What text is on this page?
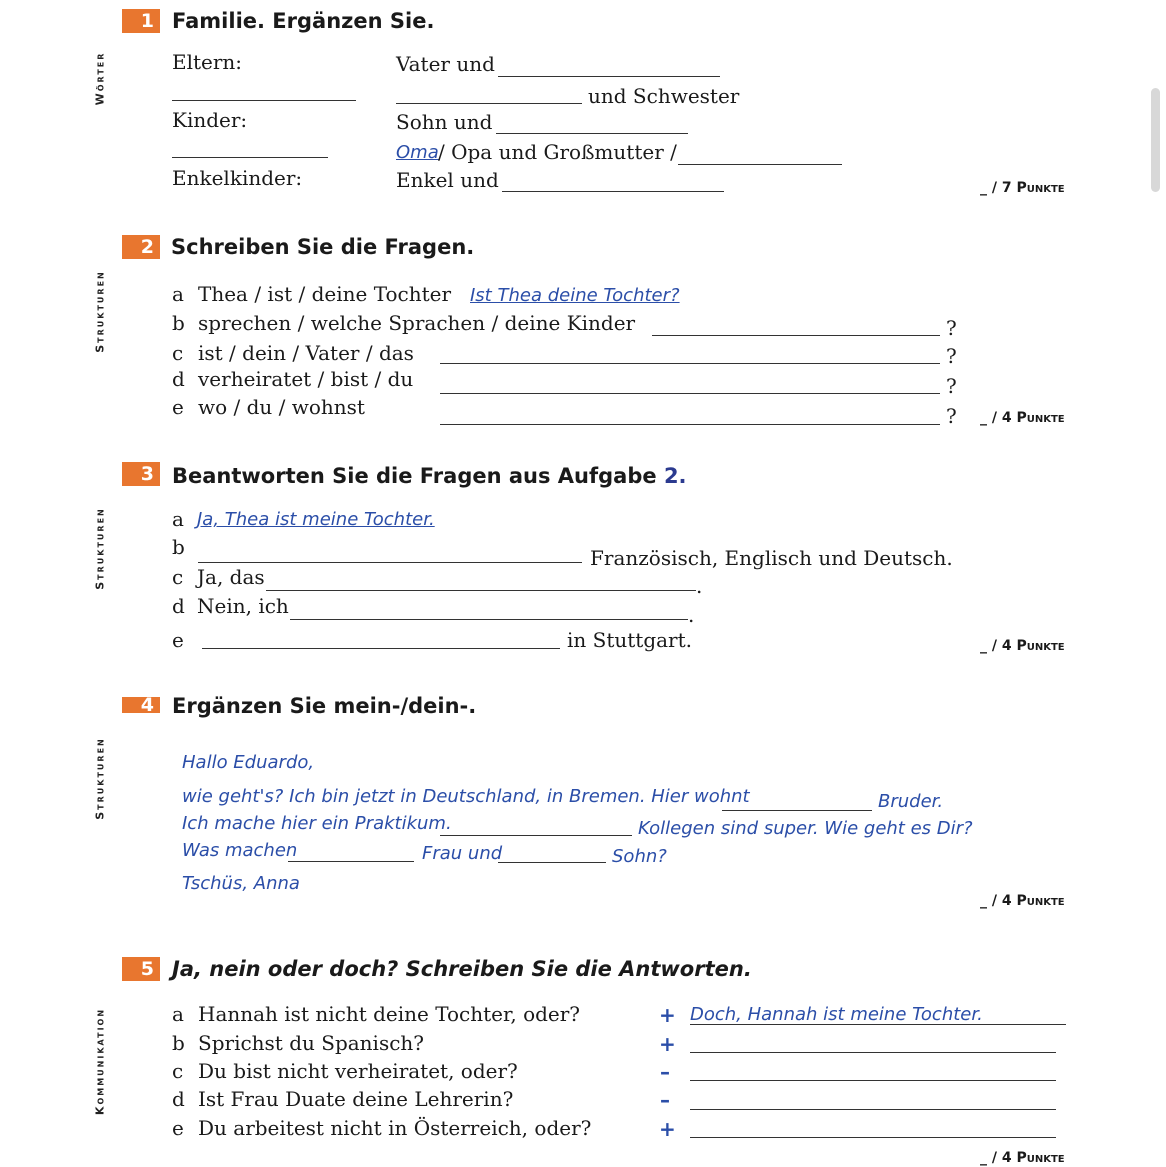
1 Familie. Ergänzen Sie.
Wörter	Eltern:	Vater und
und Schwester
Kinder:	Sohn und
Oma / Opa und Großmutter /
Enkelkinder:	Enkel und	_ / 7 Punkte
2 Schreiben Sie die Fragen.
Strukturen	a Thea / ist / deine Tochter Ist Thea deine Tochter?
b sprechen / welche Sprachen / deine Kinder	?
c ist / dein / Vater / das	?
d verheiratet / bist / du	?
e wo / du / wohnst	? _ / 4 Punkte
3 Beantworten Sie die Fragen aus Aufgabe 2.
Strukturen	a Ja, Thea ist meine Tochter.
b	Französisch, Englisch und Deutsch.
c Ja, das	.
d Nein, ich	.
e	in Stuttgart.	_ / 4 Punkte
4 Ergänzen Sie mein-/dein-.
Strukturen	Hallo Eduardo,
wie geht's? Ich bin jetzt in Deutschland, in Bremen. Hier wohnt	Bruder.
Ich mache hier ein Praktikum.	Kollegen sind super. Wie geht es Dir?
Was machen	Frau und	Sohn?
Tschüs, Anna
_ / 4 Punkte
5 Ja, nein oder doch? Schreiben Sie die Antworten.
Kommunikation	a Hannah ist nicht deine Tochter, oder?	+ Doch, Hannah ist meine Tochter.
b Sprichst du Spanisch?	+
c Du bist nicht verheiratet, oder?	–
d Ist Frau Duate deine Lehrerin?	–
e Du arbeitest nicht in Österreich, oder?	+
_ / 4 Punkte
